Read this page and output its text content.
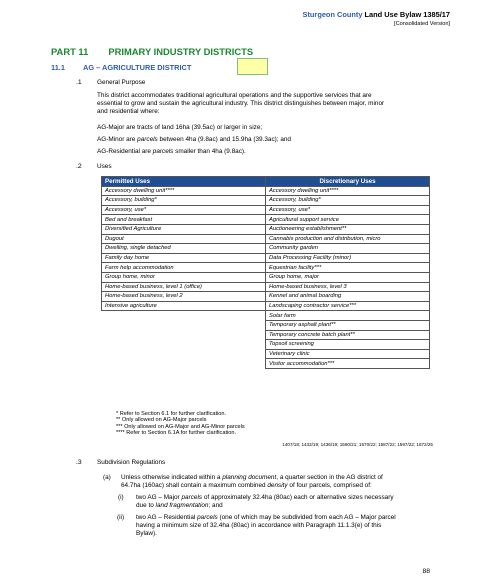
Sturgeon County Land Use Bylaw 1385/17
[Consolidated Version]
PART 11 PRIMARY INDUSTRY DISTRICTS
11.1 AG – AGRICULTURE DISTRICT
.1 General Purpose
This district accommodates traditional agricultural operations and the supportive services that are
essential to grow and sustain the agricultural industry. This district distinguishes between major, minor
and residential where:
AG-Major are tracts of land 16ha (39.5ac) or larger in size;
AG-Minor are parcels between 4ha (9.8ac) and 15.9ha (39.3ac); and
AG-Residential are parcels smaller than 4ha (9.8ac).
.2 Uses
Permitted Uses	Discretionary Uses
Accessory dwelling unit****	Accessory dwelling unit****
Accessory, building*	Accessory, building*
Accessory, use*	Accessory, use*
Bed and breakfast	Agricultural support service
Diversified Agriculture	Auctioneering establishment**
Dugout	Cannabis production and distribution, micro
Dwelling, single detached	Community garden
Family day home	Data Processing Facility (minor)
Farm help accommodation	Equestrian facility***
Group home, minor	Group home, major
Home-based business, level 1 (office)	Home-based business, level 3
Home-based business, level 2	Kennel and animal boarding
Intensive agriculture	Landscaping contractor service***
	Solar farm
	Temporary asphalt plant**
	Temporary concrete batch plant**
	Topsoil screening
	Veterinary clinic
	Visitor accommodation***
* Refer to Section 6.1 for further clarification.
** Only allowed on AG-Major parcels
*** Only allowed on AG-Major and AG-Minor parcels
**** Refer to Section 6.1A for further clarification.
1407/18; 1432/19; 1436/19; 1560/21; 1570/22; 1587/22; 1597/22; 1672/25
.3 Subdivision Regulations
(a) Unless otherwise indicated within a planning document, a quarter section in the AG district of
64.7ha (160ac) shall contain a maximum combined density of four parcels, comprised of:
(i) two AG – Major parcels of approximately 32.4ha (80ac) each or alternative sizes necessary
due to land fragmentation; and
(ii) two AG – Residential parcels (one of which may be subdivided from each AG – Major parcel
having a minimum size of 32.4ha (80ac) in accordance with Paragraph 11.1.3(e) of this
Bylaw).
88
